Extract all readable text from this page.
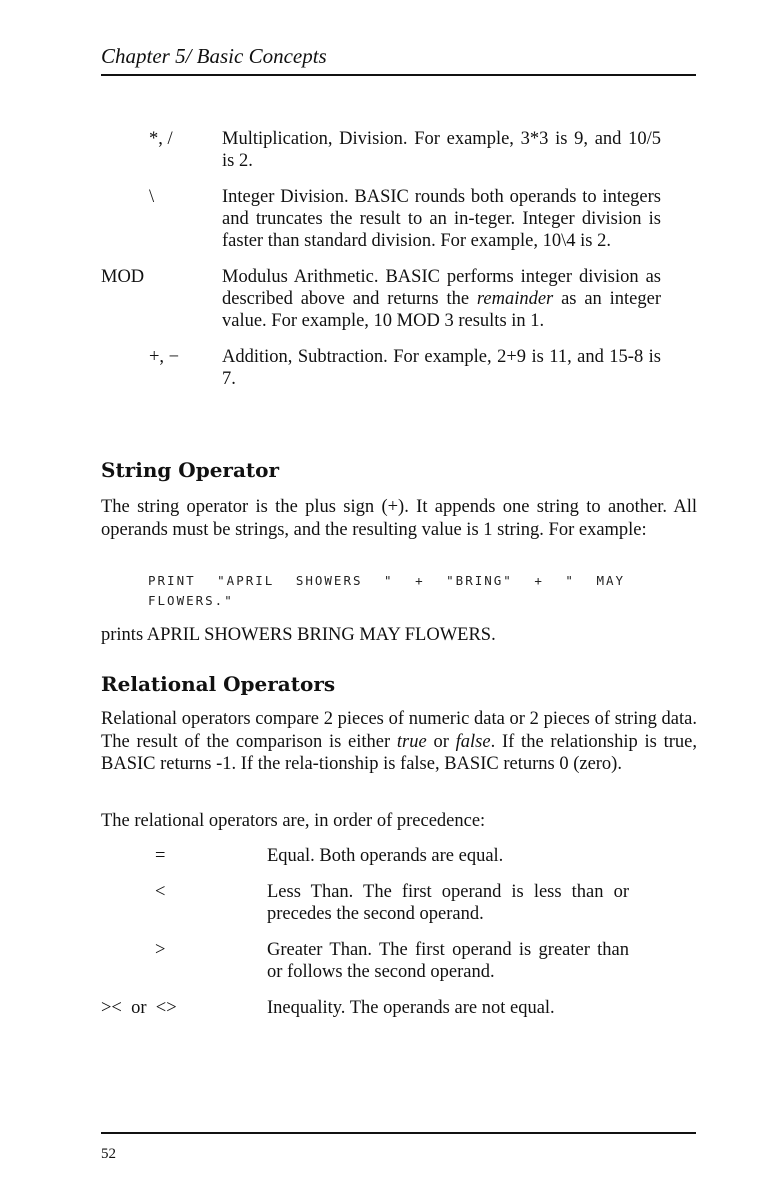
Chapter 5/ Basic Concepts
*, /	Multiplication, Division. For example, 3*3 is 9, and 10/5 is 2.
\	Integer Division. BASIC rounds both operands to integers and truncates the result to an in-teger. Integer division is faster than standard division. For example, 10\4 is 2.
MOD	Modulus Arithmetic. BASIC performs integer division as described above and returns the remainder as an integer value. For example, 10 MOD 3 results in 1.
+, −	Addition, Subtraction. For example, 2+9 is 11, and 15-8 is 7.
String Operator

The string operator is the plus sign (+). It appends one string to another. All operands must be strings, and the resulting value is 1 string. For example:

PRINT "APRIL SHOWERS " + "BRING" + " MAY

FLOWERS."

prints APRIL SHOWERS BRING MAY FLOWERS.

Relational Operators

Relational operators compare 2 pieces of numeric data or 2 pieces of string data. The result of the comparison is either true or false. If the relationship is true, BASIC returns -1. If the rela-tionship is false, BASIC returns 0 (zero).

The relational operators are, in order of precedence:

=	Equal. Both operands are equal.
<	Less Than. The first operand is less than or precedes the second operand.
>	Greater Than. The first operand is greater than or follows the second operand.
><  or  <>	Inequality. The operands are not equal.

52
